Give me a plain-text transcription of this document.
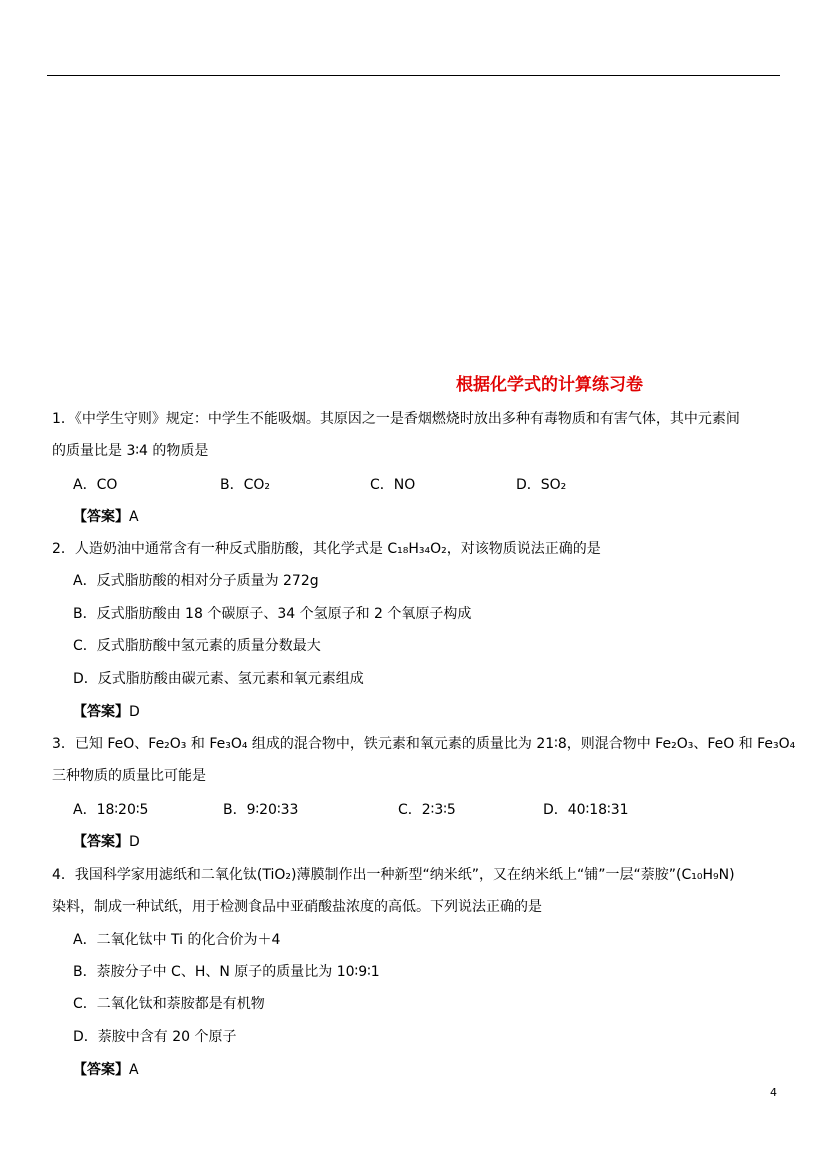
根据化学式的计算练习卷
1．《中学生守则》规定：中学生不能吸烟。其原因之一是香烟燃烧时放出多种有毒物质和有害气体，其中元素间
的质量比是 3∶4 的物质是
A．CO	B．CO₂	C．NO	D．SO₂
【答案】A
2．人造奶油中通常含有一种反式脂肪酸，其化学式是 C₁₈H₃₄O₂，对该物质说法正确的是
A．反式脂肪酸的相对分子质量为 272g
B．反式脂肪酸由 18 个碳原子、34 个氢原子和 2 个氧原子构成
C．反式脂肪酸中氢元素的质量分数最大
D．反式脂肪酸由碳元素、氢元素和氧元素组成
【答案】D
3．已知 FeO、Fe₂O₃ 和 Fe₃O₄ 组成的混合物中，铁元素和氧元素的质量比为 21∶8，则混合物中 Fe₂O₃、FeO 和 Fe₃O₄
三种物质的质量比可能是
A．18∶20∶5	B．9∶20∶33	C．2∶3∶5	D．40∶18∶31
【答案】D
4．我国科学家用滤纸和二氧化钛(TiO₂)薄膜制作出一种新型“纳米纸”，又在纳米纸上“铺”一层“萘胺”(C₁₀H₉N)
染料，制成一种试纸，用于检测食品中亚硝酸盐浓度的高低。下列说法正确的是
A．二氧化钛中 Ti 的化合价为＋4
B．萘胺分子中 C、H、N 原子的质量比为 10∶9∶1
C．二氧化钛和萘胺都是有机物
D．萘胺中含有 20 个原子
【答案】A
4
